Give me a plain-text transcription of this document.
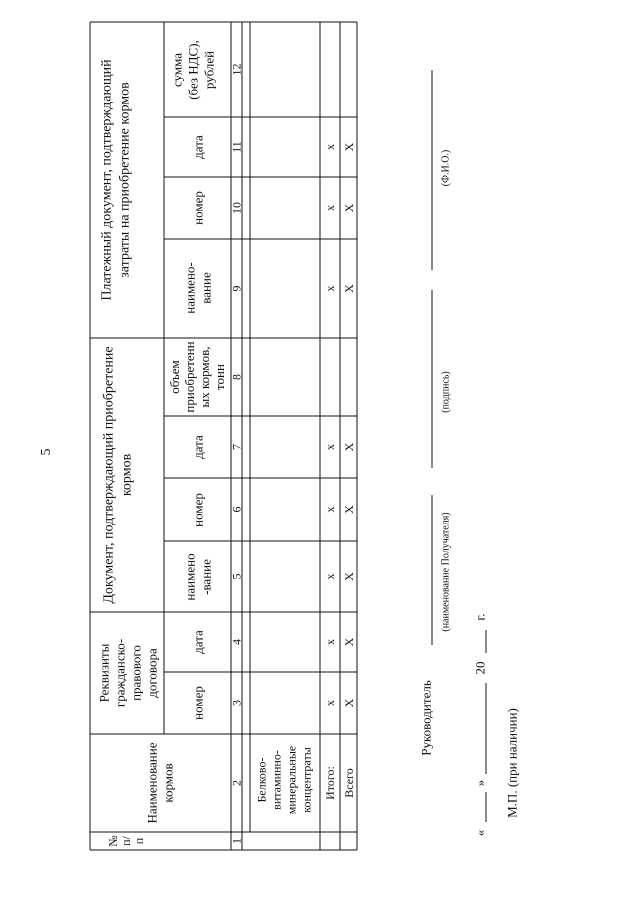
5
№ п/ п
Наименование кормов
Реквизиты гражданско- правового договора
Документ, подтверждающий приобретение кормов
Платежный документ, подтверждающий затраты на приобретение кормов
номер
дата
наимено -вание
номер
дата
объем приобретенн ых кормов, тонн
наимено- вание
номер
дата
сумма (без НДС), рублей
1
2
3
4
5
6
7
8
9
10
11
12
Белково- витаминно- минеральные концентраты Итого:
x
x
x
x
x
x
x
x
Всего
X
X
X
X
X
X
X
X
Руководитель
(наименование Получателя)
(подпись)
(Ф.И.О.)
«
»
20
г.
М.П. (при наличии)
